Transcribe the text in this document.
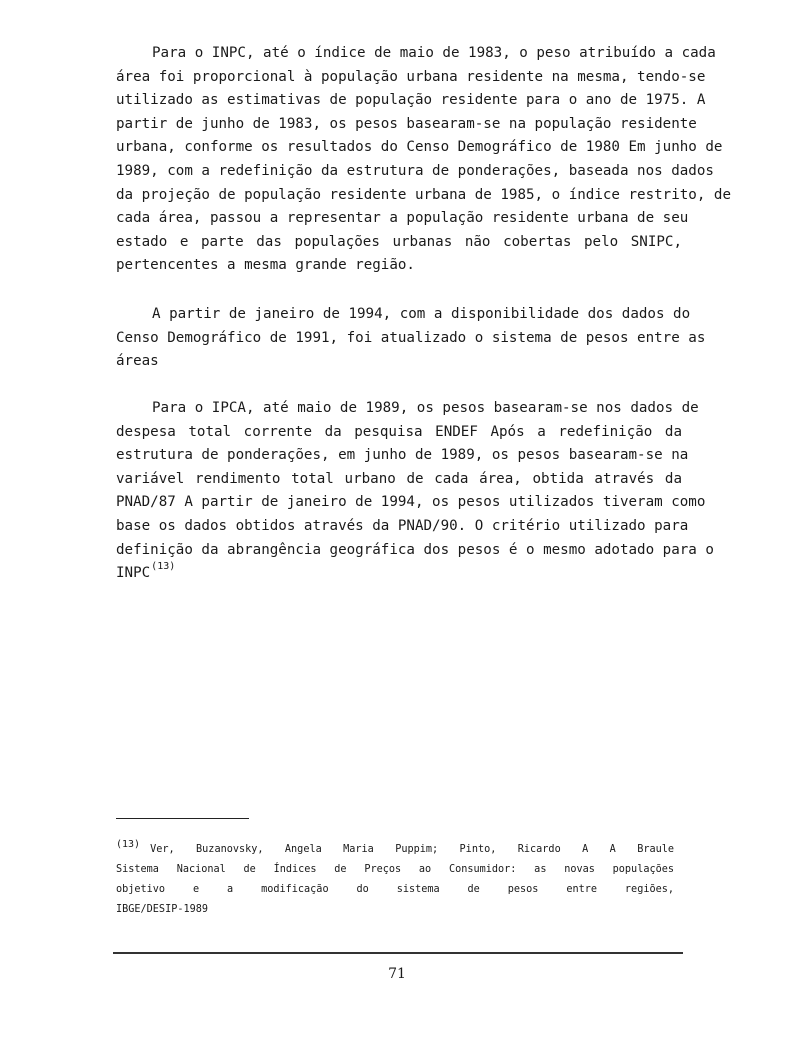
Para o INPC, até o índice de maio de 1983, o peso atribuído a cada
área foi proporcional à população urbana residente na mesma, tendo-se
utilizado as estimativas de população residente para o ano de 1975. A
partir de junho de 1983, os pesos basearam-se na população residente
urbana, conforme os resultados do Censo Demográfico de 1980 Em junho de
1989, com a redefinição da estrutura de ponderações, baseada nos dados
da projeção de população residente urbana de 1985, o índice restrito, de
cada área, passou a representar a população residente urbana de seu
estado e parte das populações urbanas não cobertas pelo SNIPC,
pertencentes a mesma grande região.
A partir de janeiro de 1994, com a disponibilidade dos dados do
Censo Demográfico de 1991, foi atualizado o sistema de pesos entre as
áreas
Para o IPCA, até maio de 1989, os pesos basearam-se nos dados de
despesa total corrente da pesquisa ENDEF Após a redefinição da
estrutura de ponderações, em junho de 1989, os pesos basearam-se na
variável rendimento total urbano de cada área, obtida através da
PNAD/87 A partir de janeiro de 1994, os pesos utilizados tiveram como
base os dados obtidos através da PNAD/90. O critério utilizado para
definição da abrangência geográfica dos pesos é o mesmo adotado para o
INPC$^{(13)}$
(13) Ver, Buzanovsky, Angela Maria Puppim; Pinto, Ricardo A A Braule
Sistema Nacional de Índices de Preços ao Consumidor: as novas populações
objetivo e a modificação do sistema de pesos entre regiões,
IBGE/DESIP-1989
71
